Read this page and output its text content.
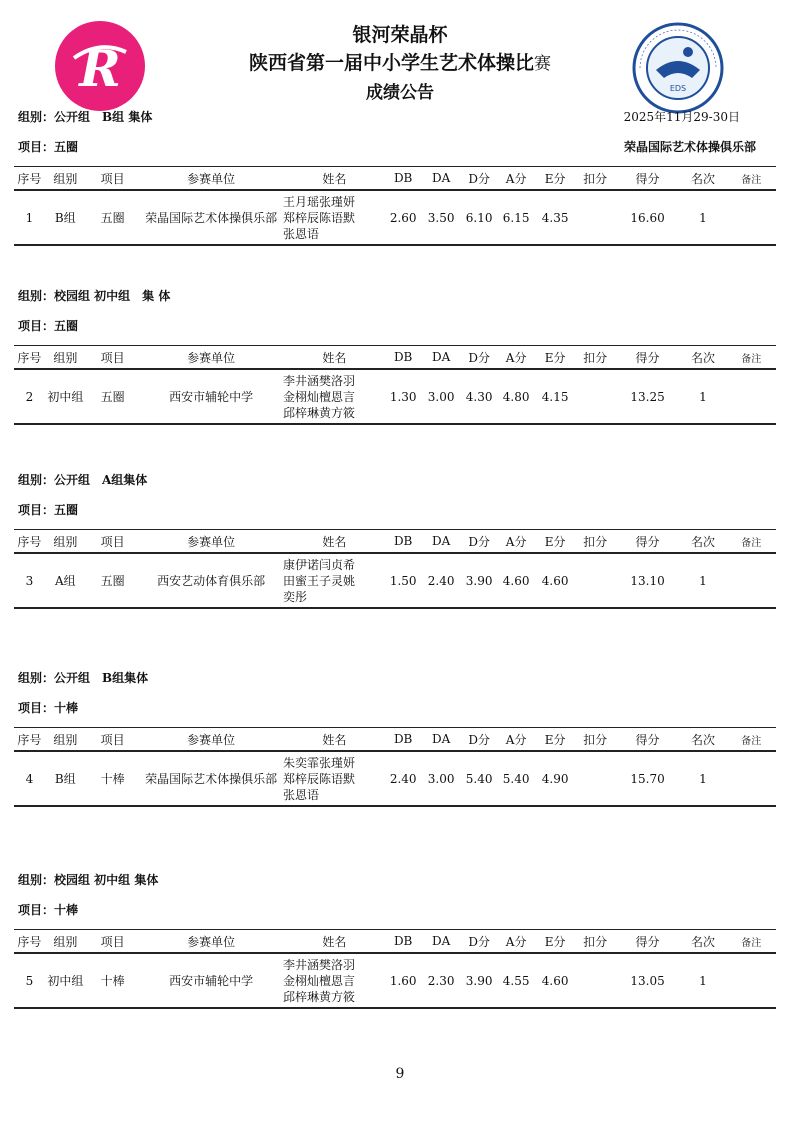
R	EDS
银河荣晶杯
陕西省第一届中小学生艺术体操比赛
成绩公告
组别：公开组　B组 集体	2025年11月29-30日
项目：五圈	荣晶国际艺术体操俱乐部
序号	组别	项目	参赛单位	姓名	DB	DA	D分	A分	E分	扣分	得分	名次	备注
1	B组	五圈	荣晶国际艺术体操俱乐部	王月瑶张瑾妍
郑梓辰陈语默
张恩语	2.60	3.50	6.10	6.15	4.35		16.60	1	
组别：校园组 初中组　集 体
项目：五圈
序号	组别	项目	参赛单位	姓名	DB	DA	D分	A分	E分	扣分	得分	名次	备注
2	初中组	五圈	西安市辅轮中学	李井涵樊洛羽
金栩灿檀恩言
邱梓琳黄方筱	1.30	3.00	4.30	4.80	4.15		13.25	1	
组别：公开组　A组集体
项目：五圈
序号	组别	项目	参赛单位	姓名	DB	DA	D分	A分	E分	扣分	得分	名次	备注
3	A组	五圈	西安艺动体育俱乐部	康伊诺闫贞希
田蜜王子灵姚
奕彤	1.50	2.40	3.90	4.60	4.60		13.10	1	
组别：公开组　B组集体
项目：十棒
序号	组别	项目	参赛单位	姓名	DB	DA	D分	A分	E分	扣分	得分	名次	备注
4	B组	十棒	荣晶国际艺术体操俱乐部	朱奕霏张瑾妍
郑梓辰陈语默
张恩语	2.40	3.00	5.40	5.40	4.90		15.70	1	
组别：校园组 初中组 集体
项目：十棒
序号	组别	项目	参赛单位	姓名	DB	DA	D分	A分	E分	扣分	得分	名次	备注
5	初中组	十棒	西安市辅轮中学	李井涵樊洛羽
金栩灿檀恩言
邱梓琳黄方筱	1.60	2.30	3.90	4.55	4.60		13.05	1	
9
